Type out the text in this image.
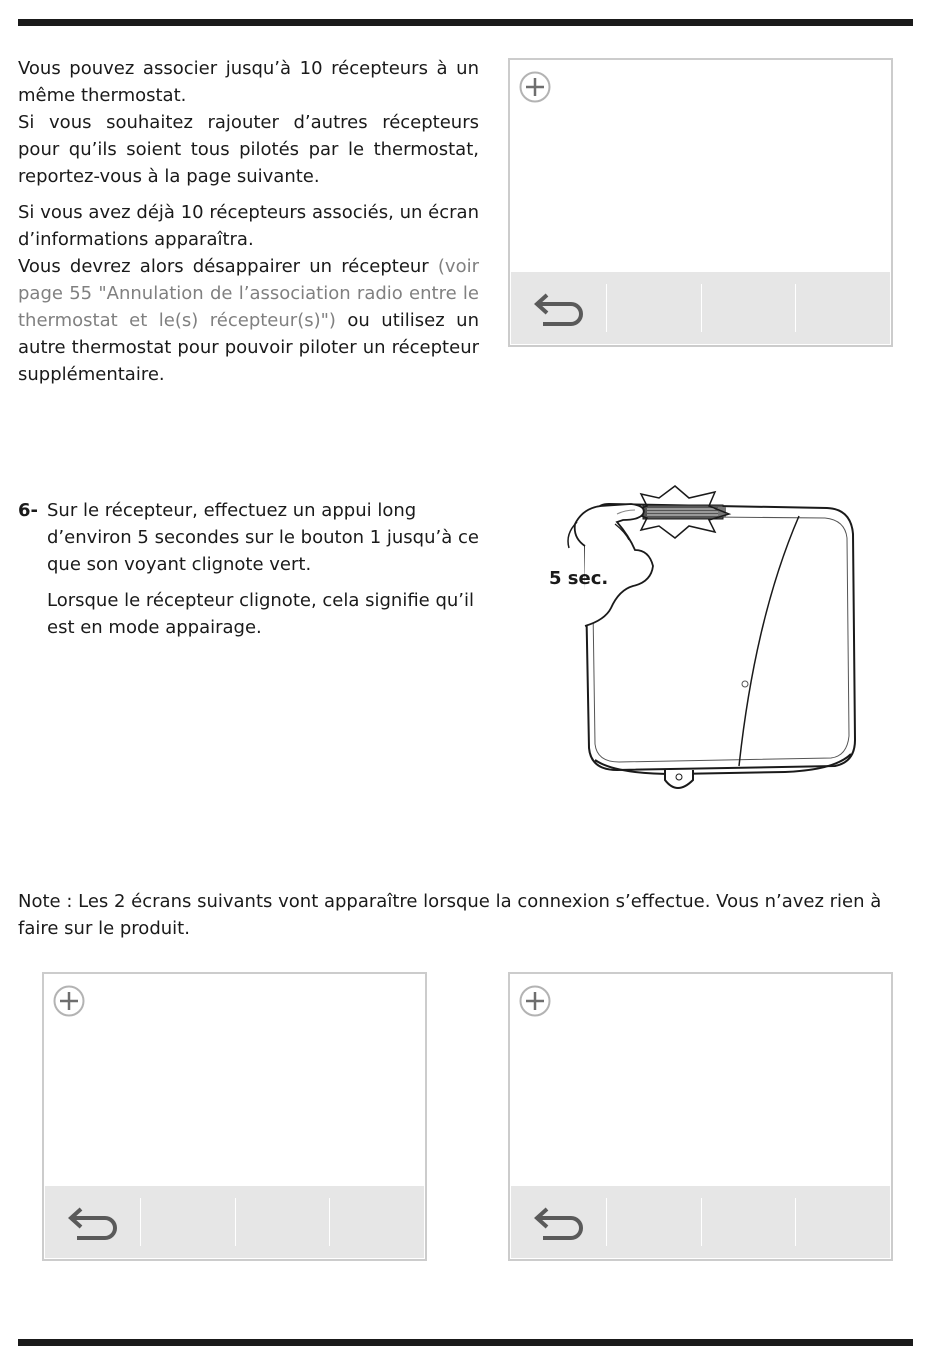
Vous pouvez associer jusqu’à 10 récepteurs à un même thermostat.

Si vous souhaitez rajouter d’autres récepteurs pour qu’ils soient tous pilotés par le thermostat, reportez-vous à la page suivante.

Si vous avez déjà 10 récepteurs associés, un écran d’informations apparaîtra.

Vous devrez alors désappairer un récepteur (voir page 55 "Annulation de l’association radio entre le thermostat et le(s) récepteur(s)") ou utilisez un autre thermostat pour pouvoir piloter un récepteur supplémentaire.

6- Sur le récepteur, effectuez un appui long d’environ 5 secondes sur le bouton 1 jusqu’à ce que son voyant clignote vert.

Lorsque le récepteur clignote, cela signifie qu’il est en mode appairage.

5 sec.
Note : Les 2 écrans suivants vont apparaître lorsque la connexion s’effectue. Vous n’avez rien à faire sur le produit.
